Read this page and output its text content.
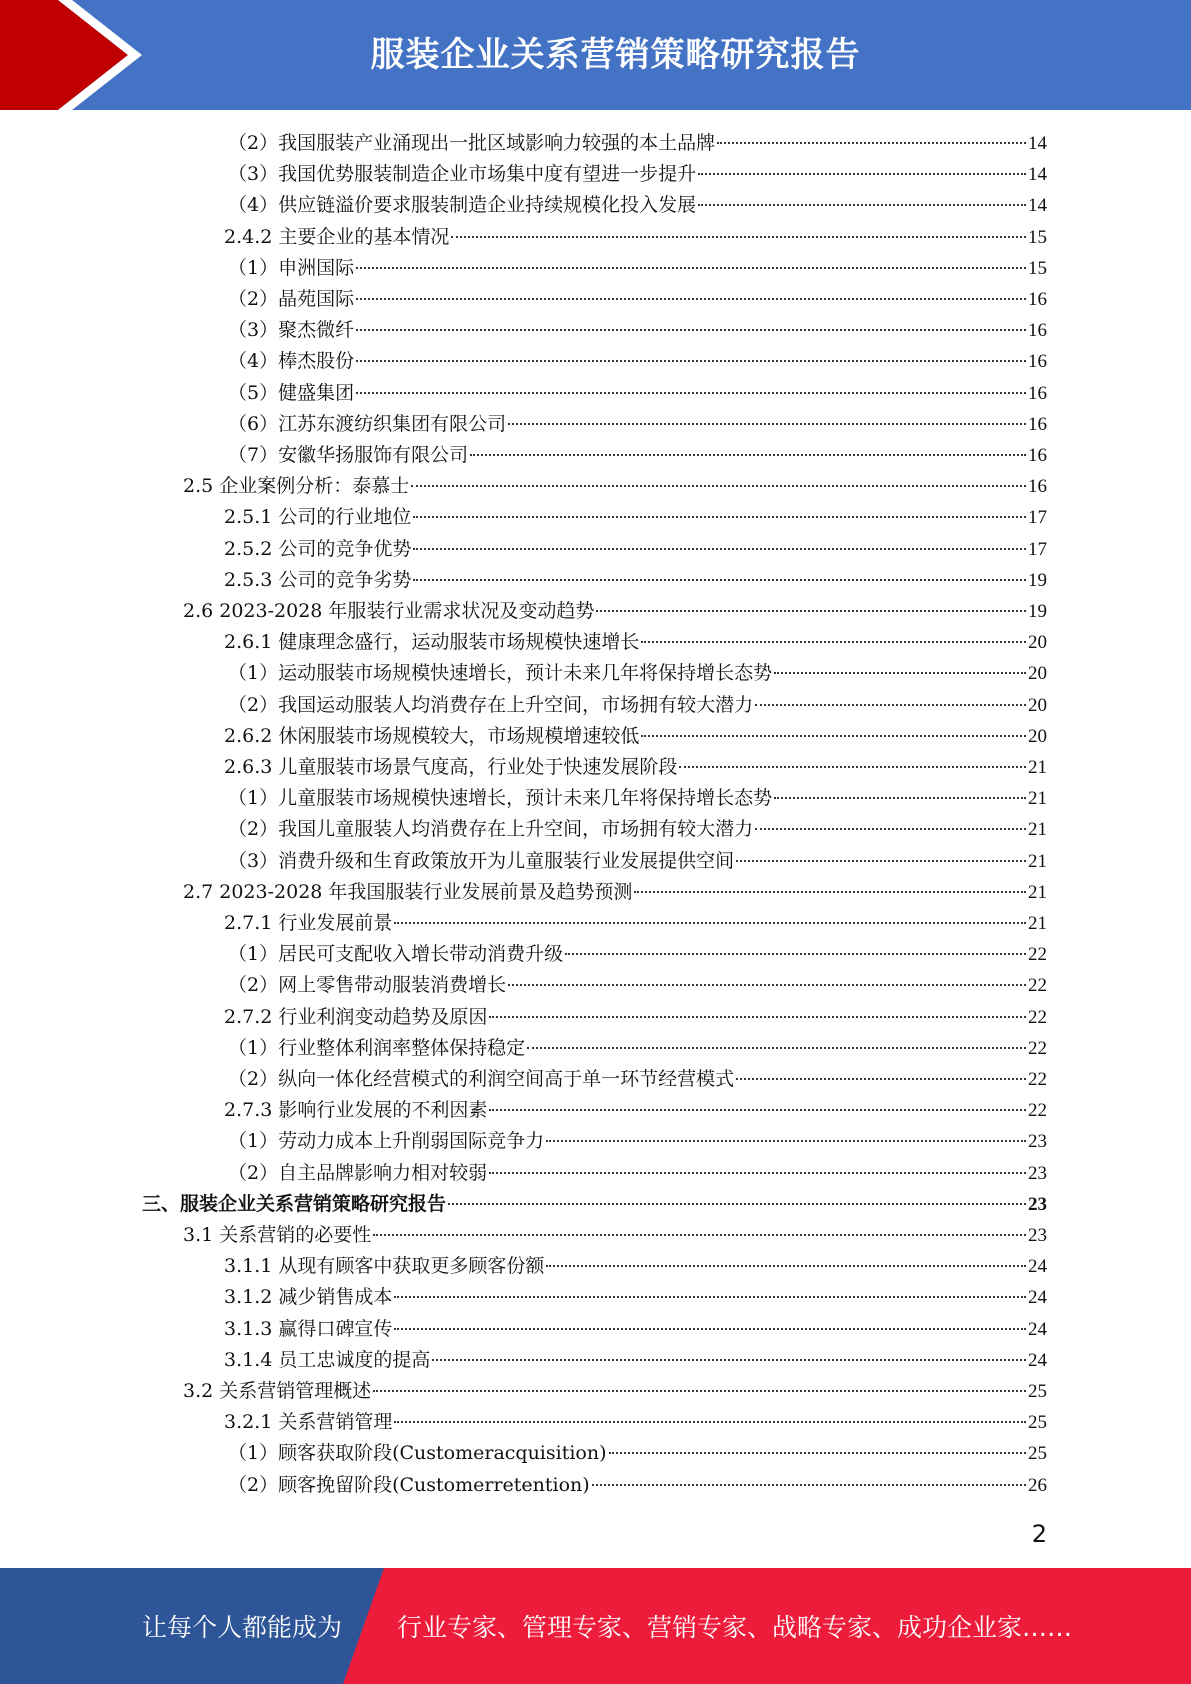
服装企业关系营销策略研究报告
（2）我国服装产业涌现出一批区域影响力较强的本土品牌	14
（3）我国优势服装制造企业市场集中度有望进一步提升	14
（4）供应链溢价要求服装制造企业持续规模化投入发展	14
2.4.2 主要企业的基本情况	15
（1）申洲国际	15
（2）晶苑国际	16
（3）聚杰微纤	16
（4）棒杰股份	16
（5）健盛集团	16
（6）江苏东渡纺织集团有限公司	16
（7）安徽华扬服饰有限公司	16
2.5 企业案例分析：泰慕士	16
2.5.1 公司的行业地位	17
2.5.2 公司的竞争优势	17
2.5.3 公司的竞争劣势	19
2.6 2023-2028 年服装行业需求状况及变动趋势	19
2.6.1 健康理念盛行，运动服装市场规模快速增长	20
（1）运动服装市场规模快速增长，预计未来几年将保持增长态势	20
（2）我国运动服装人均消费存在上升空间，市场拥有较大潜力	20
2.6.2 休闲服装市场规模较大，市场规模增速较低	20
2.6.3 儿童服装市场景气度高，行业处于快速发展阶段	21
（1）儿童服装市场规模快速增长，预计未来几年将保持增长态势	21
（2）我国儿童服装人均消费存在上升空间，市场拥有较大潜力	21
（3）消费升级和生育政策放开为儿童服装行业发展提供空间	21
2.7 2023-2028 年我国服装行业发展前景及趋势预测	21
2.7.1 行业发展前景	21
（1）居民可支配收入增长带动消费升级	22
（2）网上零售带动服装消费增长	22
2.7.2 行业利润变动趋势及原因	22
（1）行业整体利润率整体保持稳定	22
（2）纵向一体化经营模式的利润空间高于单一环节经营模式	22
2.7.3 影响行业发展的不利因素	22
（1）劳动力成本上升削弱国际竞争力	23
（2）自主品牌影响力相对较弱	23
三、服装企业关系营销策略研究报告	23
3.1 关系营销的必要性	23
3.1.1 从现有顾客中获取更多顾客份额	24
3.1.2 减少销售成本	24
3.1.3 赢得口碑宣传	24
3.1.4 员工忠诚度的提高	24
3.2 关系营销管理概述	25
3.2.1 关系营销管理	25
（1）顾客获取阶段(Customeracquisition)	25
（2）顾客挽留阶段(Customerretention)	26
2
让每个人都能成为 行业专家、管理专家、营销专家、战略专家、成功企业家……
